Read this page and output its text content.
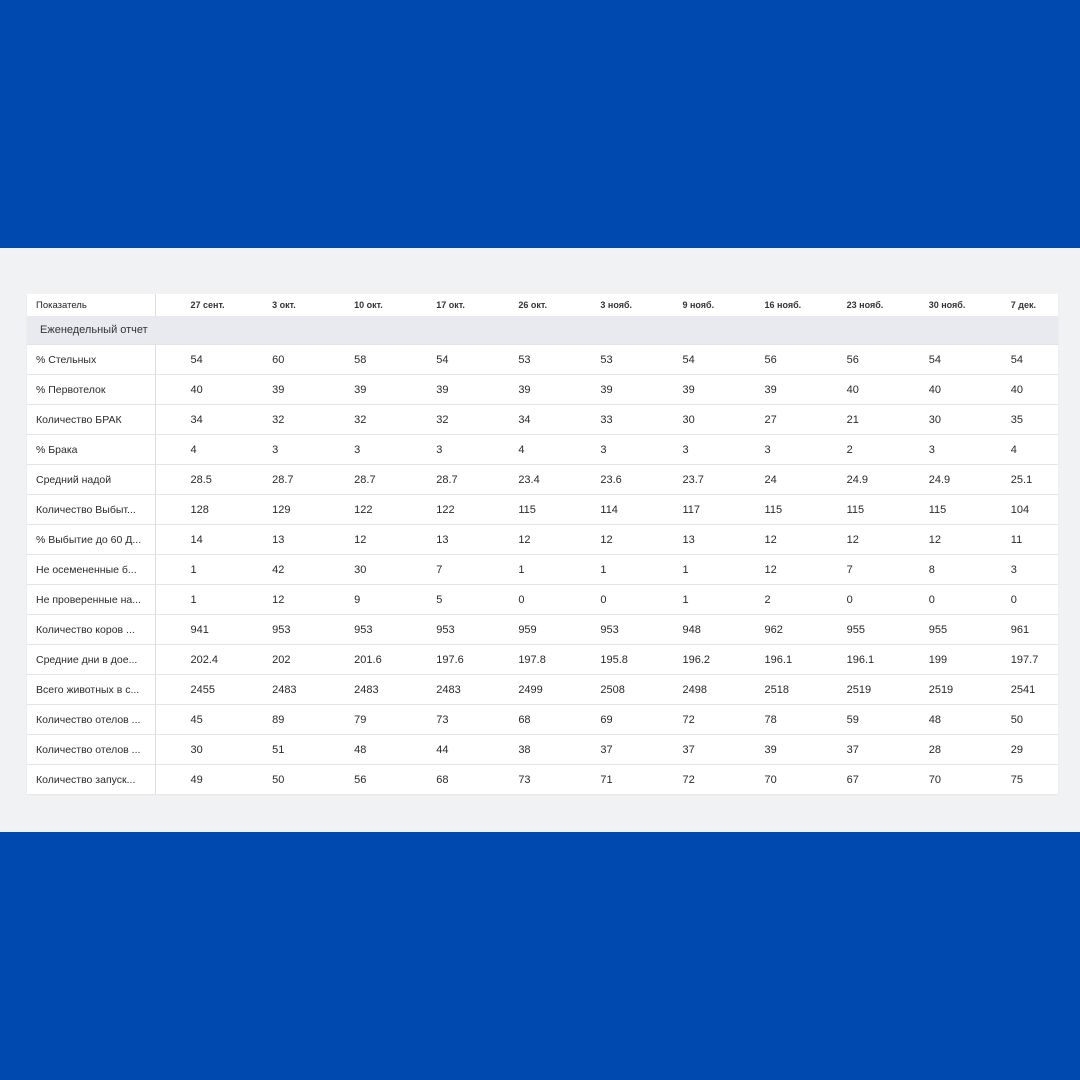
Показатель	27 сент.	3 окт.	10 окт.	17 окт.	26 окт.	3 нояб.	9 нояб.	16 нояб.	23 нояб.	30 нояб.	7 дек.
Еженедельный отчет											
% Стельных	54	60	58	54	53	53	54	56	56	54	54
% Первотелок	40	39	39	39	39	39	39	39	40	40	40
Количество БРАК	34	32	32	32	34	33	30	27	21	30	35
% Брака	4	3	3	3	4	3	3	3	2	3	4
Средний надой	28.5	28.7	28.7	28.7	23.4	23.6	23.7	24	24.9	24.9	25.1
Количество Выбыт...	128	129	122	122	115	114	117	115	115	115	104
% Выбытие до 60 Д...	14	13	12	13	12	12	13	12	12	12	11
Не осемененные б...	1	42	30	7	1	1	1	12	7	8	3
Не проверенные на...	1	12	9	5	0	0	1	2	0	0	0
Количество коров ...	941	953	953	953	959	953	948	962	955	955	961
Средние дни в дое...	202.4	202	201.6	197.6	197.8	195.8	196.2	196.1	196.1	199	197.7
Всего животных в с...	2455	2483	2483	2483	2499	2508	2498	2518	2519	2519	2541
Количество отелов ...	45	89	79	73	68	69	72	78	59	48	50
Количество отелов ...	30	51	48	44	38	37	37	39	37	28	29
Количество запуск...	49	50	56	68	73	71	72	70	67	70	75
